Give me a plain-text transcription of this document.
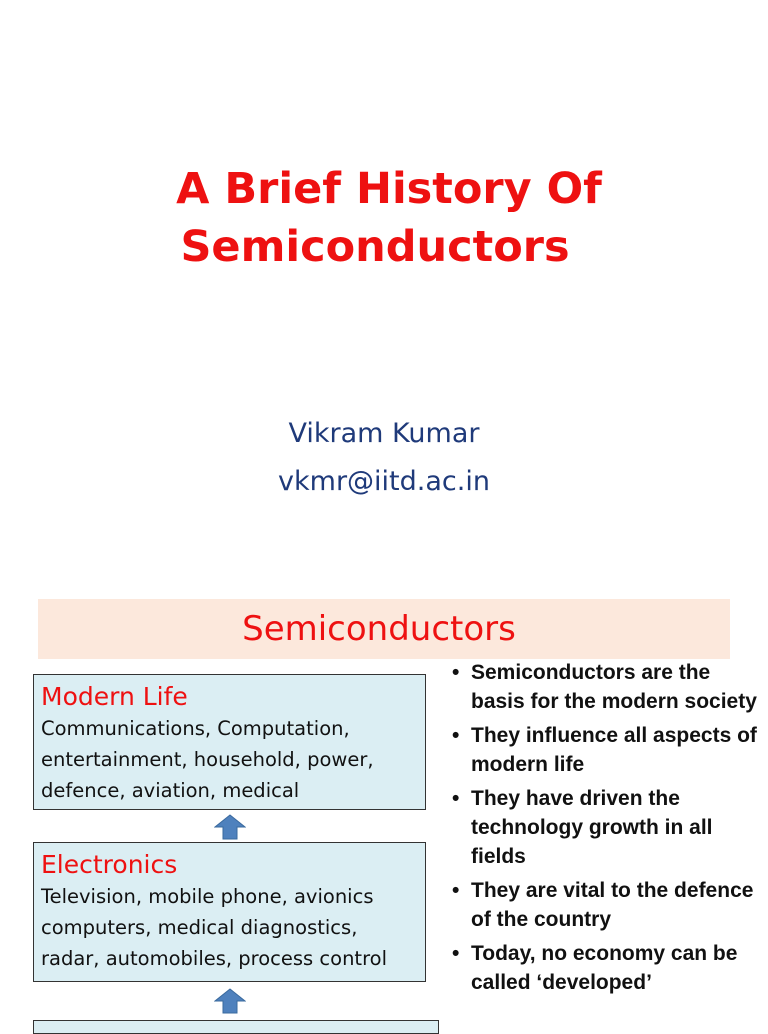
A Brief History Of
Semiconductors
Vikram Kumar
vkmr@iitd.ac.in
Semiconductors
Modern Life
Communications, Computation, entertainment, household, power, defence, aviation, medical
Electronics
Television, mobile phone, avionics computers, medical diagnostics, radar, automobiles, process control
• Semiconductors are the basis for the modern society
• They influence all aspects of modern life
• They have driven the technology growth in all fields
• They are vital to the defence of the country
• Today, no economy can be called ‘developed’
